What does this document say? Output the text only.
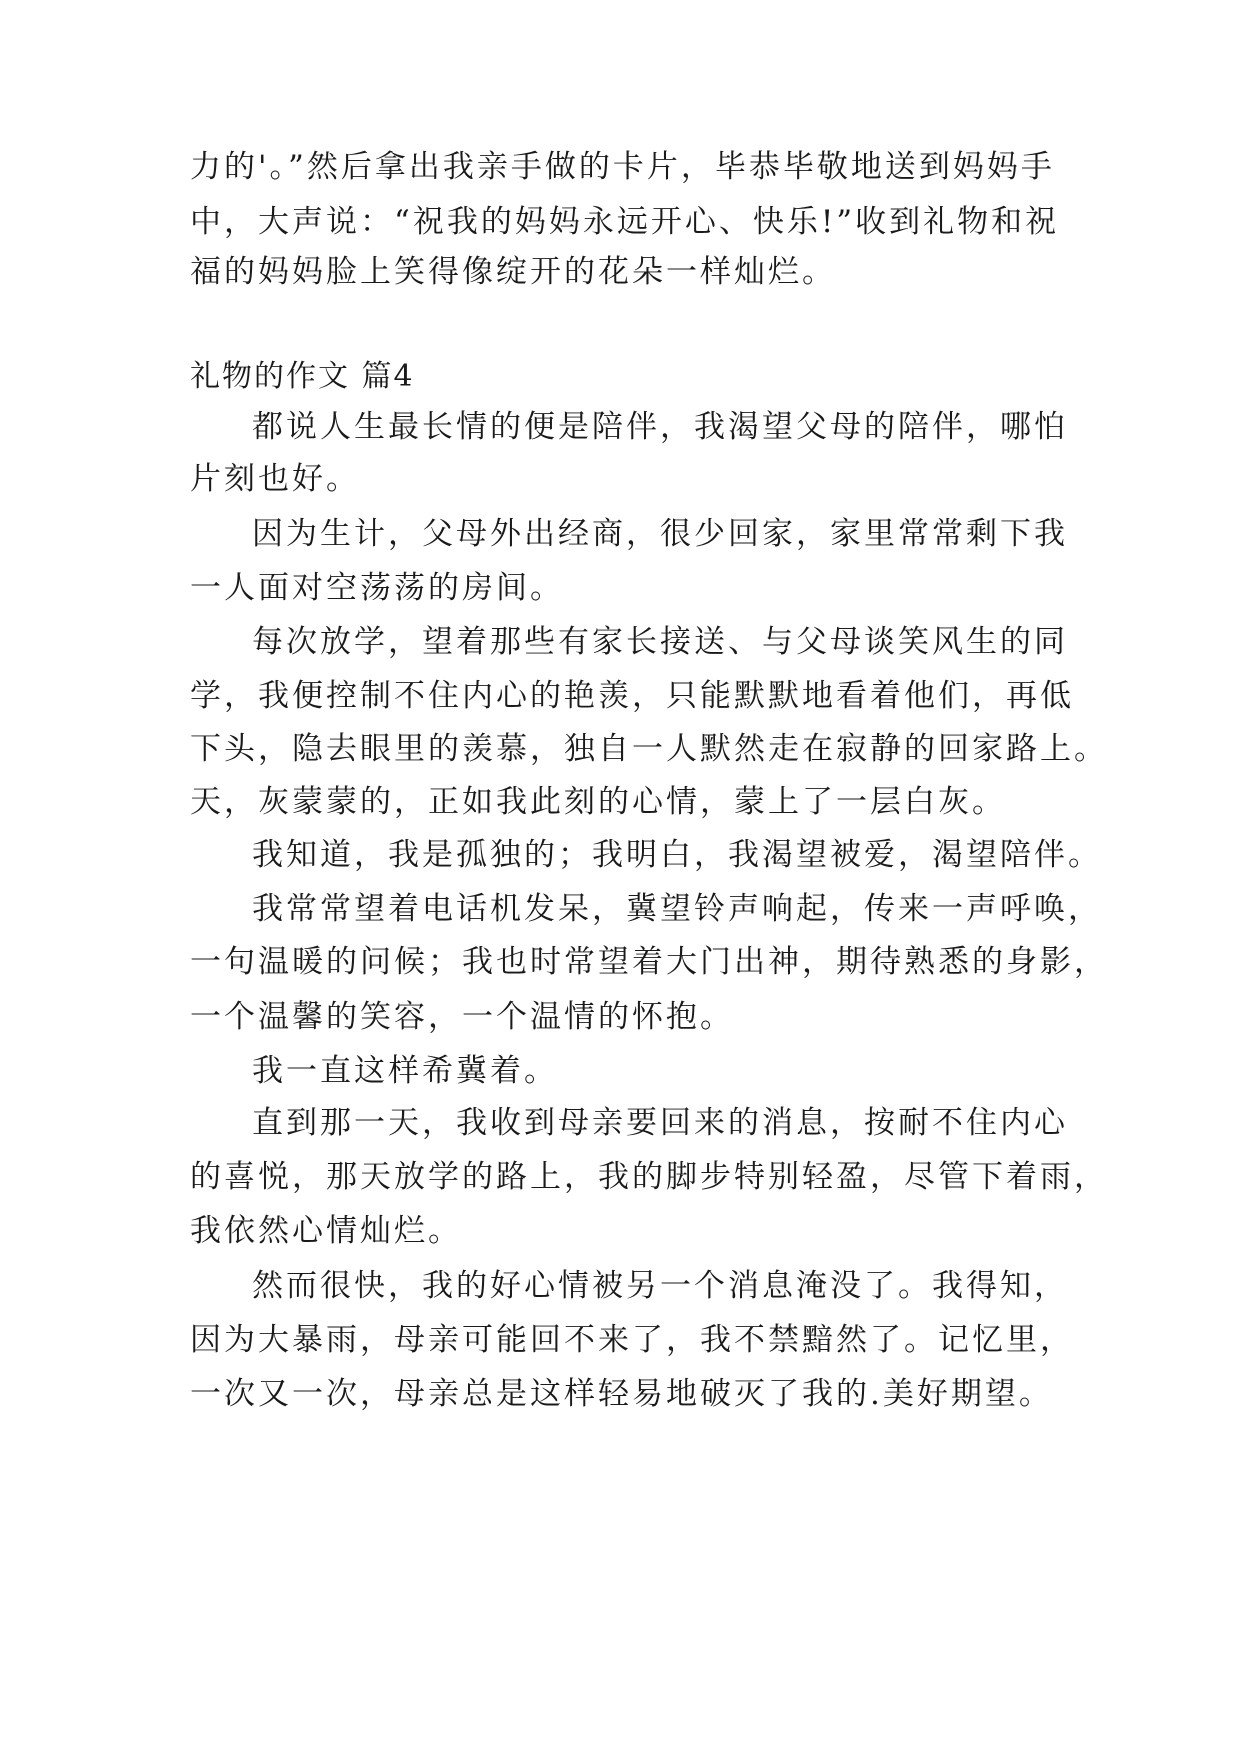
力的'。”然后拿出我亲手做的卡片，毕恭毕敬地送到妈妈手
中，大声说：“祝我的妈妈永远开心、快乐!”收到礼物和祝
福的妈妈脸上笑得像绽开的花朵一样灿烂。
礼物的作文 篇4
都说人生最长情的便是陪伴，我渴望父母的陪伴，哪怕
片刻也好。
因为生计，父母外出经商，很少回家，家里常常剩下我
一人面对空荡荡的房间。
每次放学，望着那些有家长接送、与父母谈笑风生的同
学，我便控制不住内心的艳羡，只能默默地看着他们，再低
下头，隐去眼里的羡慕，独自一人默然走在寂静的回家路上。
天，灰蒙蒙的，正如我此刻的心情，蒙上了一层白灰。
我知道，我是孤独的；我明白，我渴望被爱，渴望陪伴。
我常常望着电话机发呆，冀望铃声响起，传来一声呼唤，
一句温暖的问候；我也时常望着大门出神，期待熟悉的身影，
一个温馨的笑容，一个温情的怀抱。
我一直这样希冀着。
直到那一天，我收到母亲要回来的消息，按耐不住内心
的喜悦，那天放学的路上，我的脚步特别轻盈，尽管下着雨，
我依然心情灿烂。
然而很快，我的好心情被另一个消息淹没了。我得知，
因为大暴雨，母亲可能回不来了，我不禁黯然了。记忆里，
一次又一次，母亲总是这样轻易地破灭了我的.美好期望。
